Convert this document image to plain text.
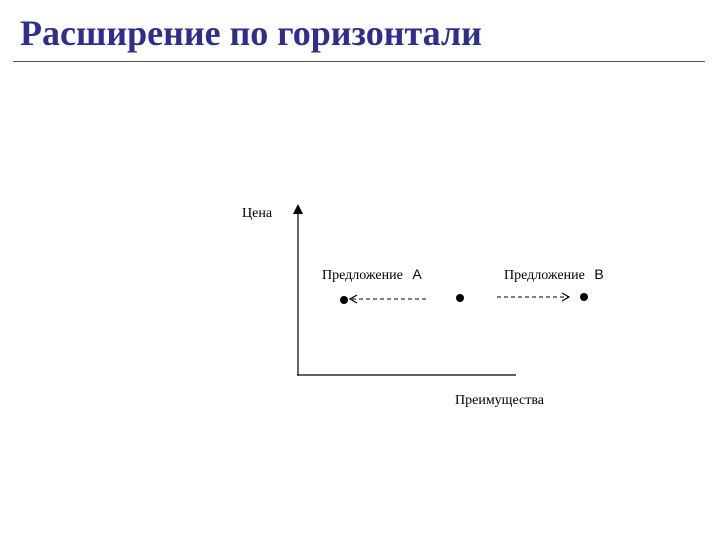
Расширение по горизонтали
Цена
Преимущества
Предложение А	Предложение В
